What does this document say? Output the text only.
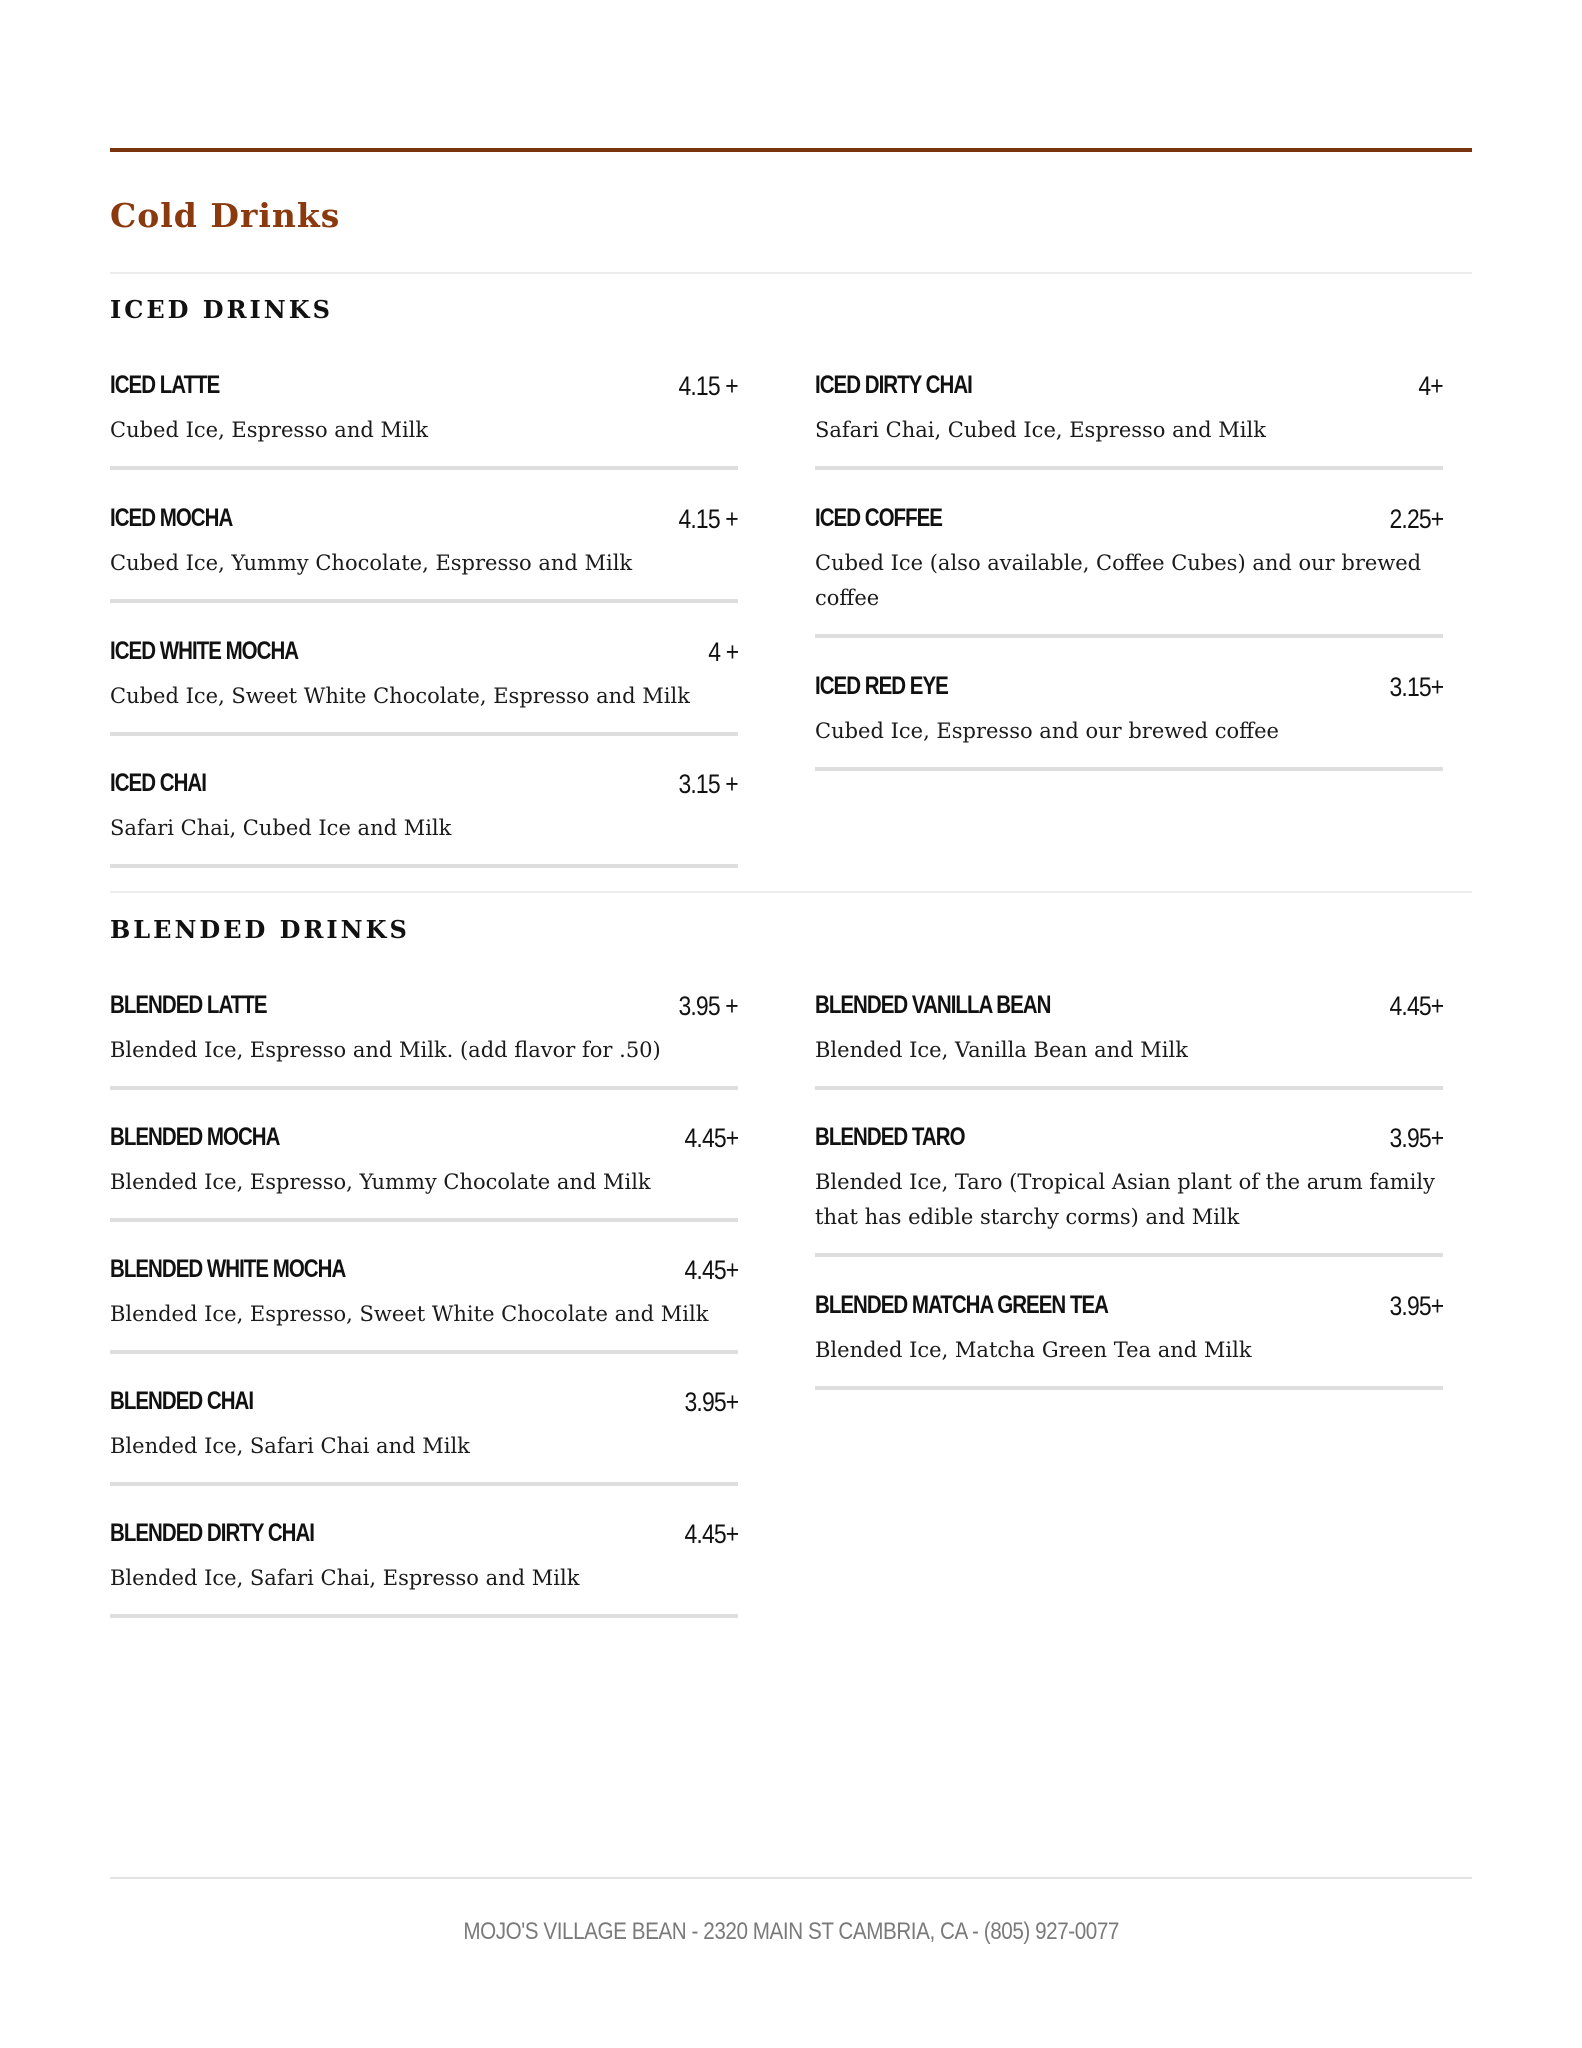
Cold Drinks
ICED DRINKS
ICED LATTE	4.15 +
Cubed Ice, Espresso and Milk
ICED MOCHA	4.15 +
Cubed Ice, Yummy Chocolate, Espresso and Milk
ICED WHITE MOCHA	4 +
Cubed Ice, Sweet White Chocolate, Espresso and Milk
ICED CHAI	3.15 +
Safari Chai, Cubed Ice and Milk
ICED DIRTY CHAI	4+
Safari Chai, Cubed Ice, Espresso and Milk
ICED COFFEE	2.25+
Cubed Ice (also available, Coffee Cubes) and our brewed coffee
ICED RED EYE	3.15+
Cubed Ice, Espresso and our brewed coffee
BLENDED DRINKS
BLENDED LATTE	3.95 +
Blended Ice, Espresso and Milk. (add flavor for .50)
BLENDED MOCHA	4.45+
Blended Ice, Espresso, Yummy Chocolate and Milk
BLENDED WHITE MOCHA	4.45+
Blended Ice, Espresso, Sweet White Chocolate and Milk
BLENDED CHAI	3.95+
Blended Ice, Safari Chai and Milk
BLENDED DIRTY CHAI	4.45+
Blended Ice, Safari Chai, Espresso and Milk
BLENDED VANILLA BEAN	4.45+
Blended Ice, Vanilla Bean and Milk
BLENDED TARO	3.95+
Blended Ice, Taro (Tropical Asian plant of the arum family that has edible starchy corms) and Milk
BLENDED MATCHA GREEN TEA	3.95+
Blended Ice, Matcha Green Tea and Milk
MOJO'S VILLAGE BEAN - 2320 MAIN ST CAMBRIA, CA - (805) 927-0077
